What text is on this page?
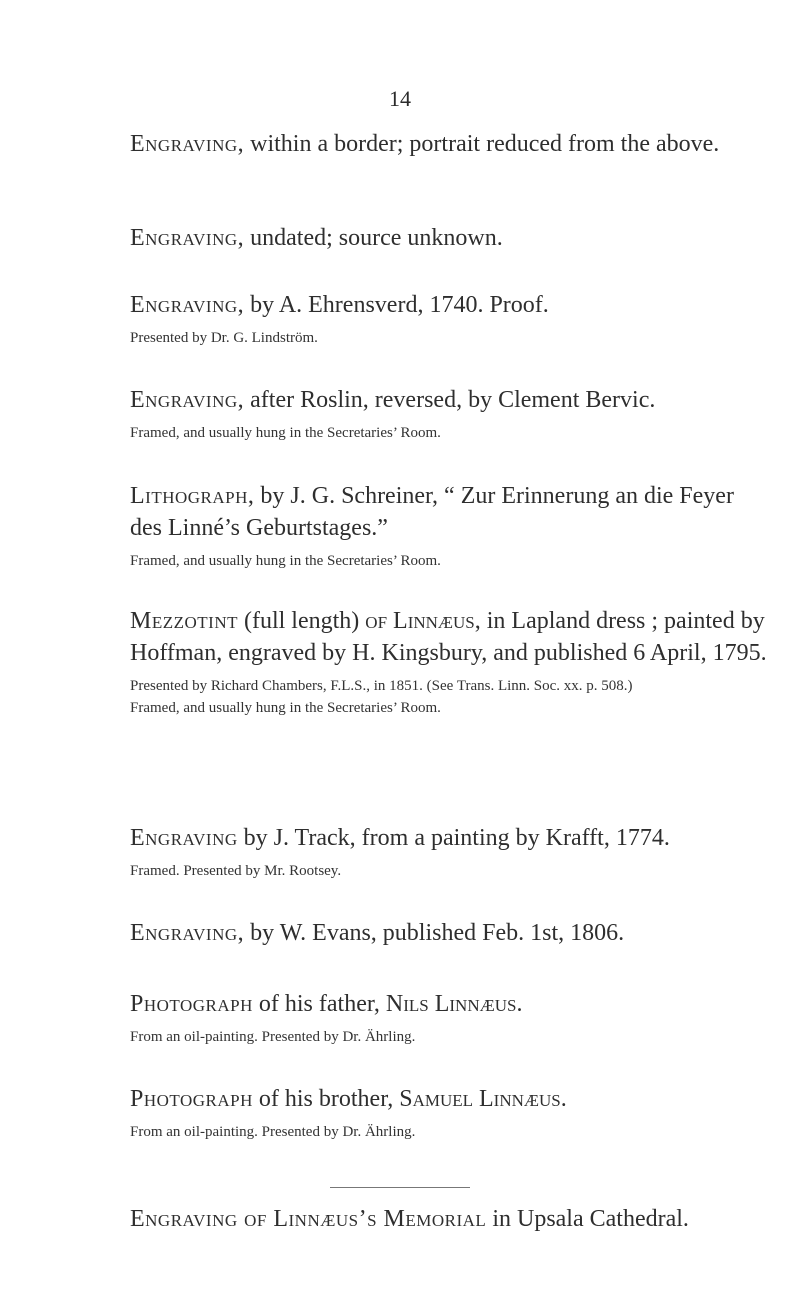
14

Engraving, within a border; portrait reduced from the above.

Engraving, undated; source unknown.

Engraving, by A. Ehrensverd, 1740. Proof.

Presented by Dr. G. Lindström.

Engraving, after Roslin, reversed, by Clement Bervic.

Framed, and usually hung in the Secretaries’ Room.

Lithograph, by J. G. Schreiner, “ Zur Erinnerung an die Feyer des Linné’s Geburtstages.”

Framed, and usually hung in the Secretaries’ Room.

Mezzotint (full length) of Linnæus, in Lapland dress ; painted by Hoffman, engraved by H. Kingsbury, and published 6 April, 1795.

Presented by Richard Chambers, F.L.S., in 1851. (See Trans. Linn. Soc. xx. p. 508.)

Framed, and usually hung in the Secretaries’ Room.

Engraving by J. Track, from a painting by Krafft, 1774.

Framed. Presented by Mr. Rootsey.

Engraving, by W. Evans, published Feb. 1st, 1806.

Photograph of his father, Nils Linnæus.

From an oil-painting. Presented by Dr. Ährling.

Photograph of his brother, Samuel Linnæus.

From an oil-painting. Presented by Dr. Ährling.

Engraving of Linnæus’s Memorial in Upsala Cathedral.
